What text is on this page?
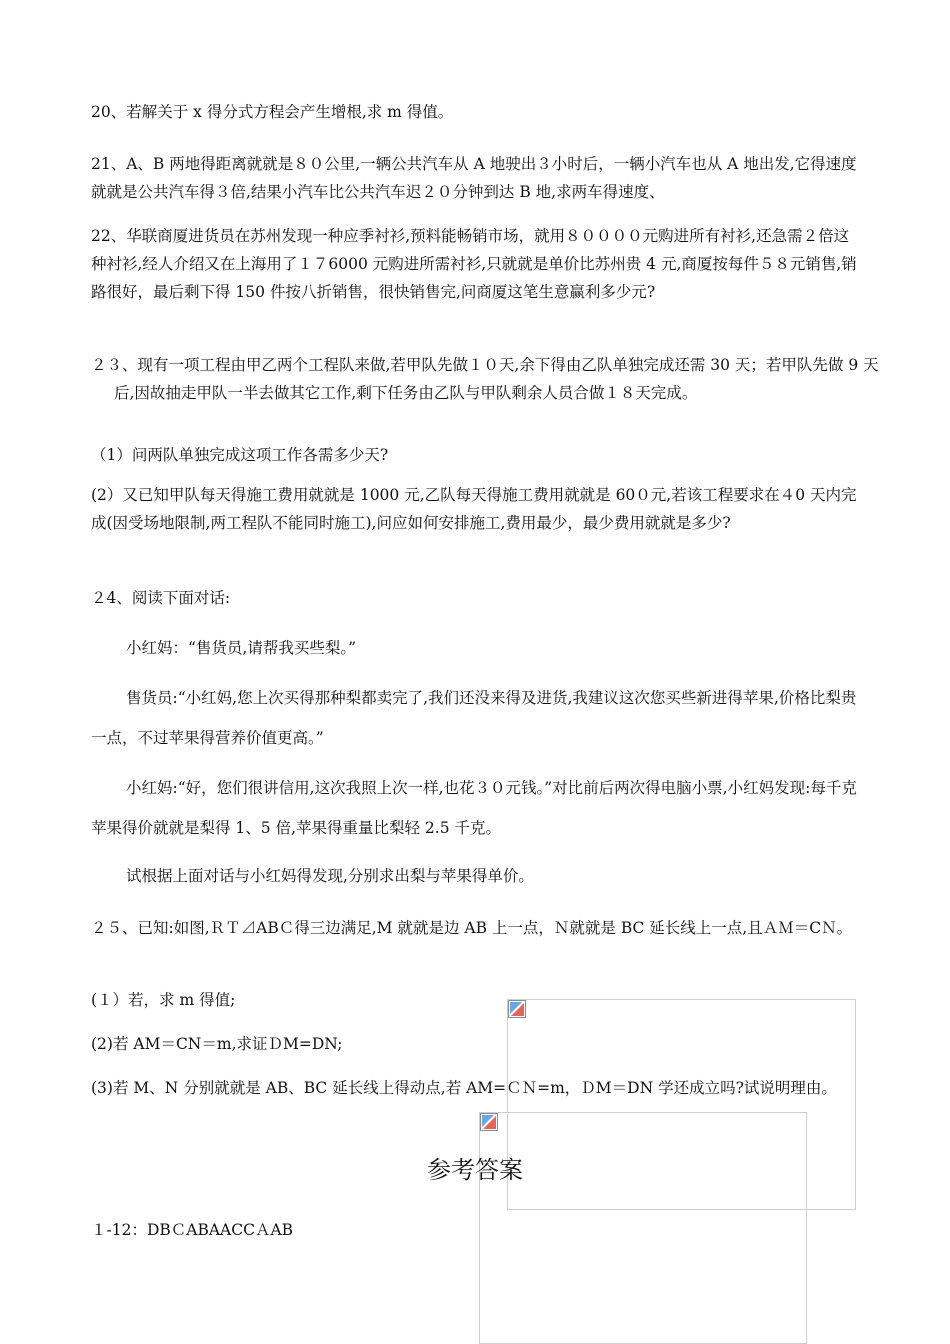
20、若解关于 x 得分式方程会产生增根,求 m 得值。
21、A、B 两地得距离就就是８０公里,一辆公共汽车从 A 地驶出３小时后，一辆小汽车也从 A 地出发,它得速度就就是公共汽车得３倍,结果小汽车比公共汽车迟２０分钟到达 B 地,求两车得速度、
22、华联商厦进货员在苏州发现一种应季衬衫,预料能畅销市场，就用８００００元购进所有衬衫,还急需２倍这种衬衫,经人介绍又在上海用了１７6000 元购进所需衬衫,只就就是单价比苏州贵 4 元,商厦按每件５８元销售,销路很好，最后剩下得 150 件按八折销售，很快销售完,问商厦这笔生意赢利多少元?
２３、现有一项工程由甲乙两个工程队来做,若甲队先做１０天,余下得由乙队单独完成还需 30 天；若甲队先做 9 天后,因故抽走甲队一半去做其它工作,剩下任务由乙队与甲队剩余人员合做１８天完成。
（1）问两队单独完成这项工作各需多少天?
(2）又已知甲队每天得施工费用就就是 1000 元,乙队每天得施工费用就就是 60０元,若该工程要求在４0 天内完成(因受场地限制,两工程队不能同时施工),问应如何安排施工,费用最少，最少费用就就是多少?
２4、阅读下面对话:
小红妈：“售货员,请帮我买些梨。”
售货员:“小红妈,您上次买得那种梨都卖完了,我们还没来得及进货,我建议这次您买些新进得苹果,价格比梨贵一点，不过苹果得营养价值更高。”
小红妈:“好，您们很讲信用,这次我照上次一样,也花３０元钱。”对比前后两次得电脑小票,小红妈发现:每千克苹果得价就就是梨得 1、5 倍,苹果得重量比梨轻 2.5 千克。
试根据上面对话与小红妈得发现,分别求出梨与苹果得单价。
２５、已知:如图,ＲＴ⊿ABＣ得三边满足,M 就就是边 AB 上一点，Ｎ就就是 BC 延长线上一点,且ＡＭ＝CＮ。
(１）若，求 m 得值;
(2)若 AM＝CN＝m,求证ＤM=DN;
(3)若 M、N 分别就就是 AB、BC 延长线上得动点,若 AM=ＣＮ=m，ＤM＝DN 学还成立吗?试说明理由。
参考答案
１-12：DBＣABAACCＡAB
